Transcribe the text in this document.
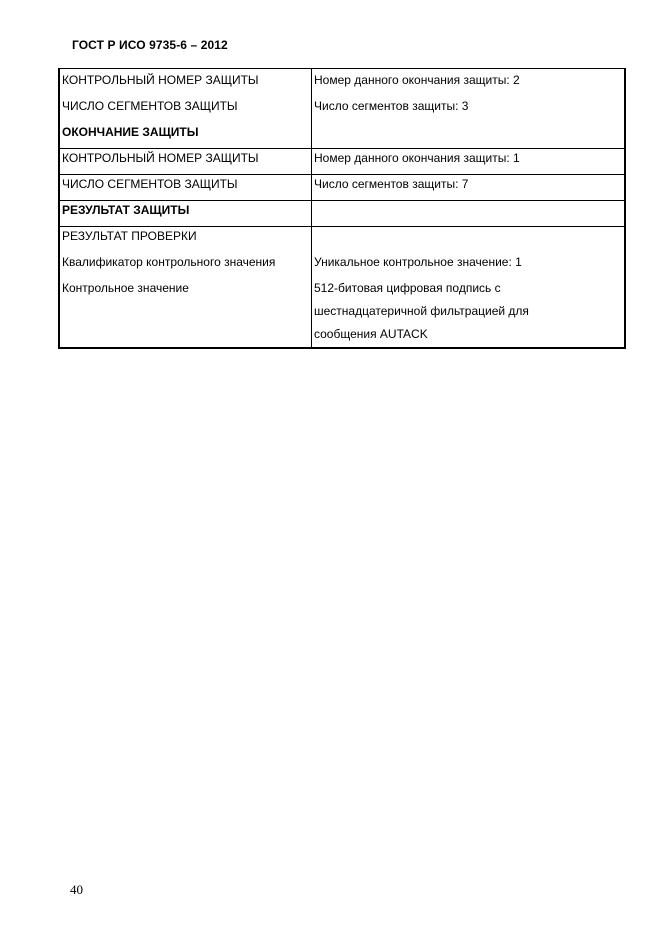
ГОСТ Р ИСО 9735-6 – 2012
КОНТРОЛЬНЫЙ НОМЕР ЗАЩИТЫ	Номер данного окончания защиты: 2
ЧИСЛО СЕГМЕНТОВ ЗАЩИТЫ	Число сегментов защиты: 3
ОКОНЧАНИЕ ЗАЩИТЫ
КОНТРОЛЬНЫЙ НОМЕР ЗАЩИТЫ	Номер данного окончания защиты: 1
ЧИСЛО СЕГМЕНТОВ ЗАЩИТЫ	Число сегментов защиты: 7
РЕЗУЛЬТАТ ЗАЩИТЫ
РЕЗУЛЬТАТ ПРОВЕРКИ
Квалификатор контрольного значения	Уникальное контрольное значение: 1
Контрольное значение	512-битовая цифровая подпись с
шестнадцатеричной фильтрацией для
сообщения AUTACK
40
